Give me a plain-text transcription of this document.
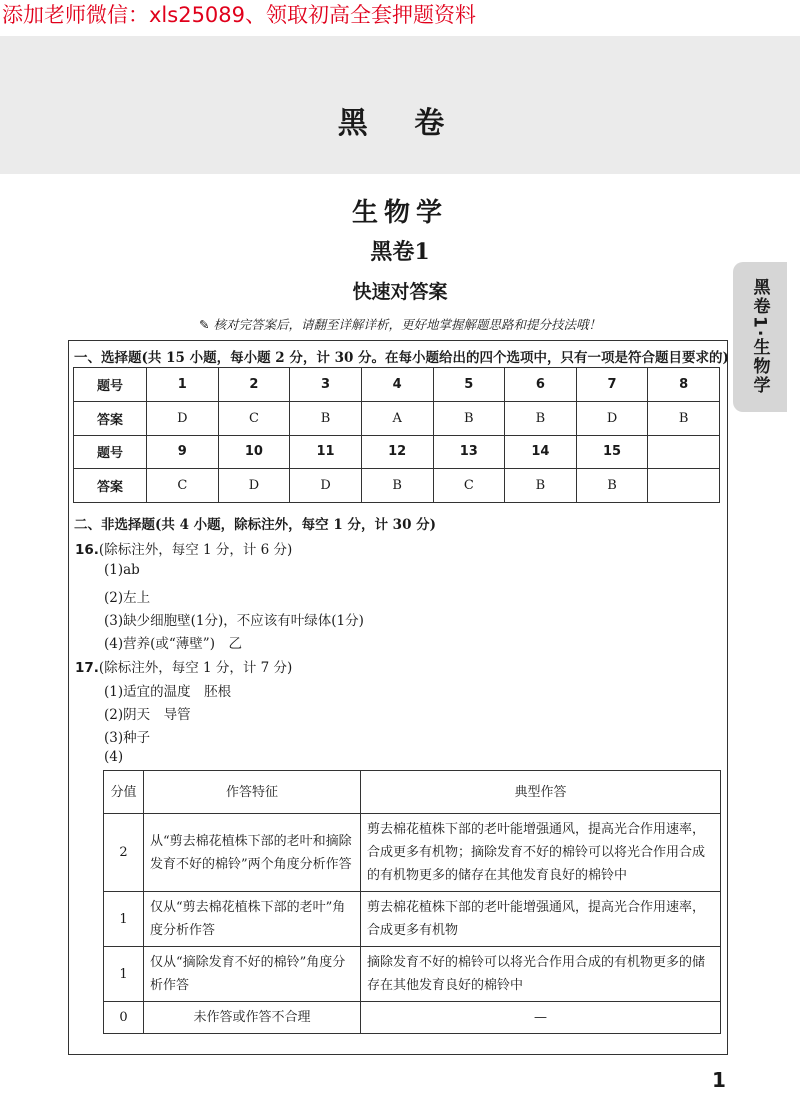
添加老师微信：xls25089、领取初高全套押题资料
黑 卷
生物学
黑卷1
快速对答案
✎ 核对完答案后，请翻至详解详析，更好地掌握解题思路和提分技法哦！	黑卷1·生物学
一、选择题(共 15 小题，每小题 2 分，计 30 分。在每小题给出的四个选项中，只有一项是符合题目要求的)
题号	1	2	3	4	5	6	7	8
答案	D	C	B	A	B	B	D	B
题号	9	10	11	12	13	14	15	
答案	C	D	D	B	C	B	B	
二、非选择题(共 4 小题，除标注外，每空 1 分，计 30 分)
16.(除标注外，每空 1 分，计 6 分)
(1)ab
(2)左上
(3)缺少细胞壁(1分)，不应该有叶绿体(1分)
(4)营养(或“薄壁”)　乙
17.(除标注外，每空 1 分，计 7 分)
(1)适宜的温度　胚根
(2)阴天　导管
(3)种子
(4)
分值	作答特征	典型作答
2	从“剪去棉花植株下部的老叶和摘除发育不好的棉铃”两个角度分析作答	剪去棉花植株下部的老叶能增强通风，提高光合作用速率，合成更多有机物；摘除发育不好的棉铃可以将光合作用合成的有机物更多的储存在其他发育良好的棉铃中
1	仅从“剪去棉花植株下部的老叶”角度分析作答	剪去棉花植株下部的老叶能增强通风，提高光合作用速率，合成更多有机物
1	仅从“摘除发育不好的棉铃”角度分析作答	摘除发育不好的棉铃可以将光合作用合成的有机物更多的储存在其他发育良好的棉铃中
0	未作答或作答不合理	—
1
